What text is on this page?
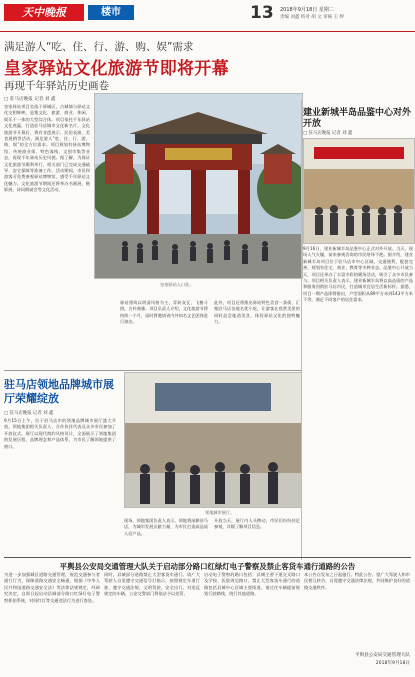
天中晚报	楼市	13 2018年9月18日 星期二
责编 刘鑫 校对 胡 文 审核 王 婷
满足游人“吃、住、行、游、购、娱”需求
皇家驿站文化旅游节即将开幕
再现千年驿站历史画卷
□ 驻马店晚报 记者 刘 鑫
皇家驿站项目坐落于驿城区，古城墙与驿站文化交相辉映，是集文化、旅游、商业、休闲、娱乐于一体的大型综合体。项目依托千年驿站文化底蕴，打造驻马店城市文化新名片。文化旅游节开幕后，将有非遗展示、民俗表演、美食展销等活动，满足游人“吃、住、行、游、购、娱”的全方位需求。项目规划有驿站博物馆、传统商业街、特色客栈、文创市集等业态，再现千年驿站历史风貌。据了解，为保证文化旅游节顺利举行，相关部门已完成交通疏导、安全保障等准备工作。活动期间，市民和游客可免费参观驿站博物馆，感受千年驿站文化魅力。文化旅游节期间还将举办书画展、摄影展、诗词朗诵会等文化活动。
皇家驿站入口处。
驿站建筑以明清风格为主，青砖灰瓦，飞檐斗拱，古朴典雅。项目负责人介绍，文化旅游节将持续一个月，届时将邀请省内外知名文艺团体进行演出。
此外，项目还将推出驿站特色美食一条街，汇集驻马店各地名优小吃，让游客在欣赏美景的同时品尝地道美食，体验驿站文化的独特魅力。
建业新城半岛品鉴中心对外开放
□ 驻马店晚报 记者 刘 鑫
9月16日，建业新城半岛品鉴中心正式对外开放。当天，现场人气火爆，前来参观咨询的市民络绎不绝。据介绍，建业新城半岛项目位于驻马店市中心区域，交通便利，配套完善，规划有住宅、商业、教育等多种业态。品鉴中心开放当天，项目还举办了丰富多彩的暖场活动，吸引了众多市民参与。项目相关负责人表示，建业新城半岛将以高品质的产品和服务回馈驻马店市民，打造城市宜居生活新标杆。据悉，项目一期产品即将推出，户型面积从89平方米到143平方米不等，满足不同客户的居住需求。
驻马店领地品牌城市展厅荣耀绽放
□ 驻马店晚报 记者 刘 鑫
9月15日上午，位于驻马店市的领地品牌城市展厅盛大开放。领地集团相关负责人、合作伙伴代表及众多市民参加了开放仪式。展厅以现代简约风格设计，全面展示了领地集团的发展历程、品牌理念和产品体系，为市民了解领地提供了窗口。
领地城市展厅。
现场，领地集团负责人表示，领地将深耕驻马店，为城市发展贡献力量，为市民打造高品质人居产品。
开放当天，展厅内人头攒动，市民们纷纷驻足参观，详细了解项目信息。
平舆县公安局交通管理大队关于启动部分路口红绿灯电子警察及禁止客货车通行道路的公告
为进一步加强城区道路交通管理，规范交通参与者通行行为，保障道路交通安全畅通，根据《中华人民共和国道路交通安全法》等法律法规规定，经研究决定，自即日起启动县城部分路口红绿灯电子警察抓拍系统，对闯红灯等交通违法行为进行查处。
同时，县城部分道路禁止大型客货车通行。请广大驾驶人自觉遵守交通信号灯指示，按照规定车道行驶，遵守交通法规，文明驾驶，安全出行。对违反规定的车辆，公安交警部门将依法予以处罚。
启动电子警察的路口包括：县城主要干道交叉路口及学校、医院周边路口。禁止大型客货车通行的道路包括县城中心区域主要街道。请过往车辆提前规划行驶路线，绕行其他道路。
本公告自发布之日起施行。特此公告。望广大驾驶人和市民相互转告，自觉遵守交通法律法规，共同维护良好的道路交通秩序。
平舆县公安局交通管理大队
2018年9月18日
